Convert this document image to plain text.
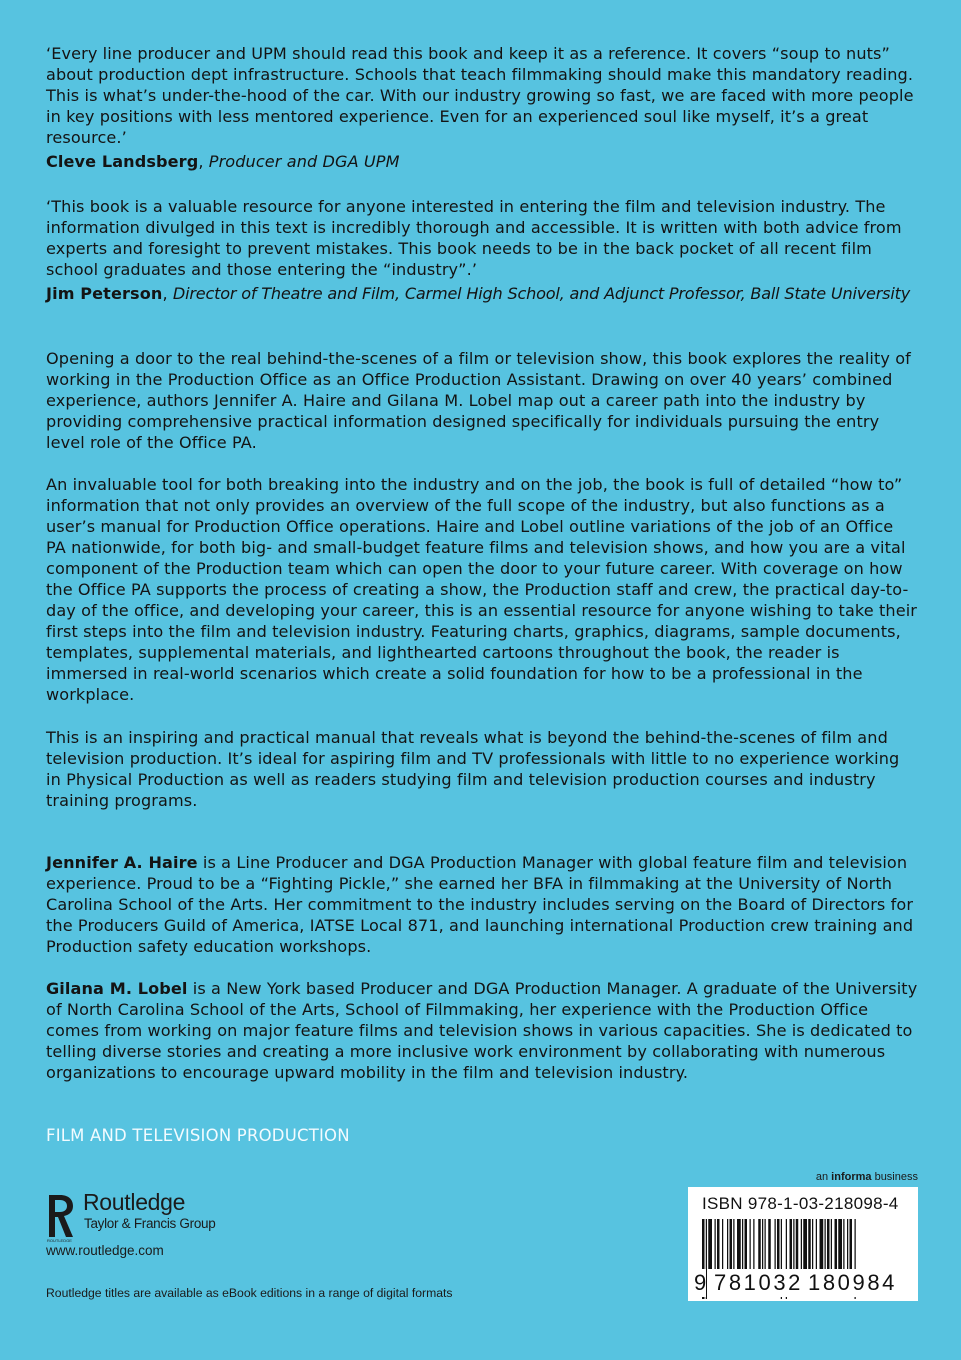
‘Every line producer and UPM should read this book and keep it as a reference. It covers “soup to nuts” about production dept infrastructure. Schools that teach filmmaking should make this mandatory reading. This is what’s under-the-hood of the car. With our industry growing so fast, we are faced with more people in key positions with less mentored experience. Even for an experienced soul like myself, it’s a great resource.’

Cleve Landsberg, Producer and DGA UPM

‘This book is a valuable resource for anyone interested in entering the film and television industry. The information divulged in this text is incredibly thorough and accessible. It is written with both advice from experts and foresight to prevent mistakes. This book needs to be in the back pocket of all recent film school graduates and those entering the “industry”.’

Jim Peterson, Director of Theatre and Film, Carmel High School, and Adjunct Professor, Ball State University

Opening a door to the real behind-the-scenes of a film or television show, this book explores the reality of working in the Production Office as an Office Production Assistant. Drawing on over 40 years’ combined experience, authors Jennifer A. Haire and Gilana M. Lobel map out a career path into the industry by providing comprehensive practical information designed specifically for individuals pursuing the entry level role of the Office PA.

An invaluable tool for both breaking into the industry and on the job, the book is full of detailed “how to” information that not only provides an overview of the full scope of the industry, but also functions as a user’s manual for Production Office operations. Haire and Lobel outline variations of the job of an Office PA nationwide, for both big- and small-budget feature films and television shows, and how you are a vital component of the Production team which can open the door to your future career. With coverage on how the Office PA supports the process of creating a show, the Production staff and crew, the practical day-to-day of the office, and developing your career, this is an essential resource for anyone wishing to take their first steps into the film and television industry. Featuring charts, graphics, diagrams, sample documents, templates, supplemental materials, and lighthearted cartoons throughout the book, the reader is immersed in real-world scenarios which create a solid foundation for how to be a professional in the workplace.

This is an inspiring and practical manual that reveals what is beyond the behind-the-scenes of film and television production. It’s ideal for aspiring film and TV professionals with little to no experience working in Physical Production as well as readers studying film and television production courses and industry training programs.

Jennifer A. Haire is a Line Producer and DGA Production Manager with global feature film and television experience. Proud to be a “Fighting Pickle,” she earned her BFA in filmmaking at the University of North Carolina School of the Arts. Her commitment to the industry includes serving on the Board of Directors for the Producers Guild of America, IATSE Local 871, and launching international Production crew training and Production safety education workshops.

Gilana M. Lobel is a New York based Producer and DGA Production Manager. A graduate of the University of North Carolina School of the Arts, School of Filmmaking, her experience with the Production Office comes from working on major feature films and television shows in various capacities. She is dedicated to telling diverse stories and creating a more inclusive work environment by collaborating with numerous organizations to encourage upward mobility in the film and television industry.

FILM AND TELEVISION PRODUCTION
ROUTLEDGE
Routledge
Taylor & Francis Group
www.routledge.com
Routledge titles are available as eBook editions in a range of digital formats
an informa business
ISBN 978-1-03-218098-4
9 781032 180984
